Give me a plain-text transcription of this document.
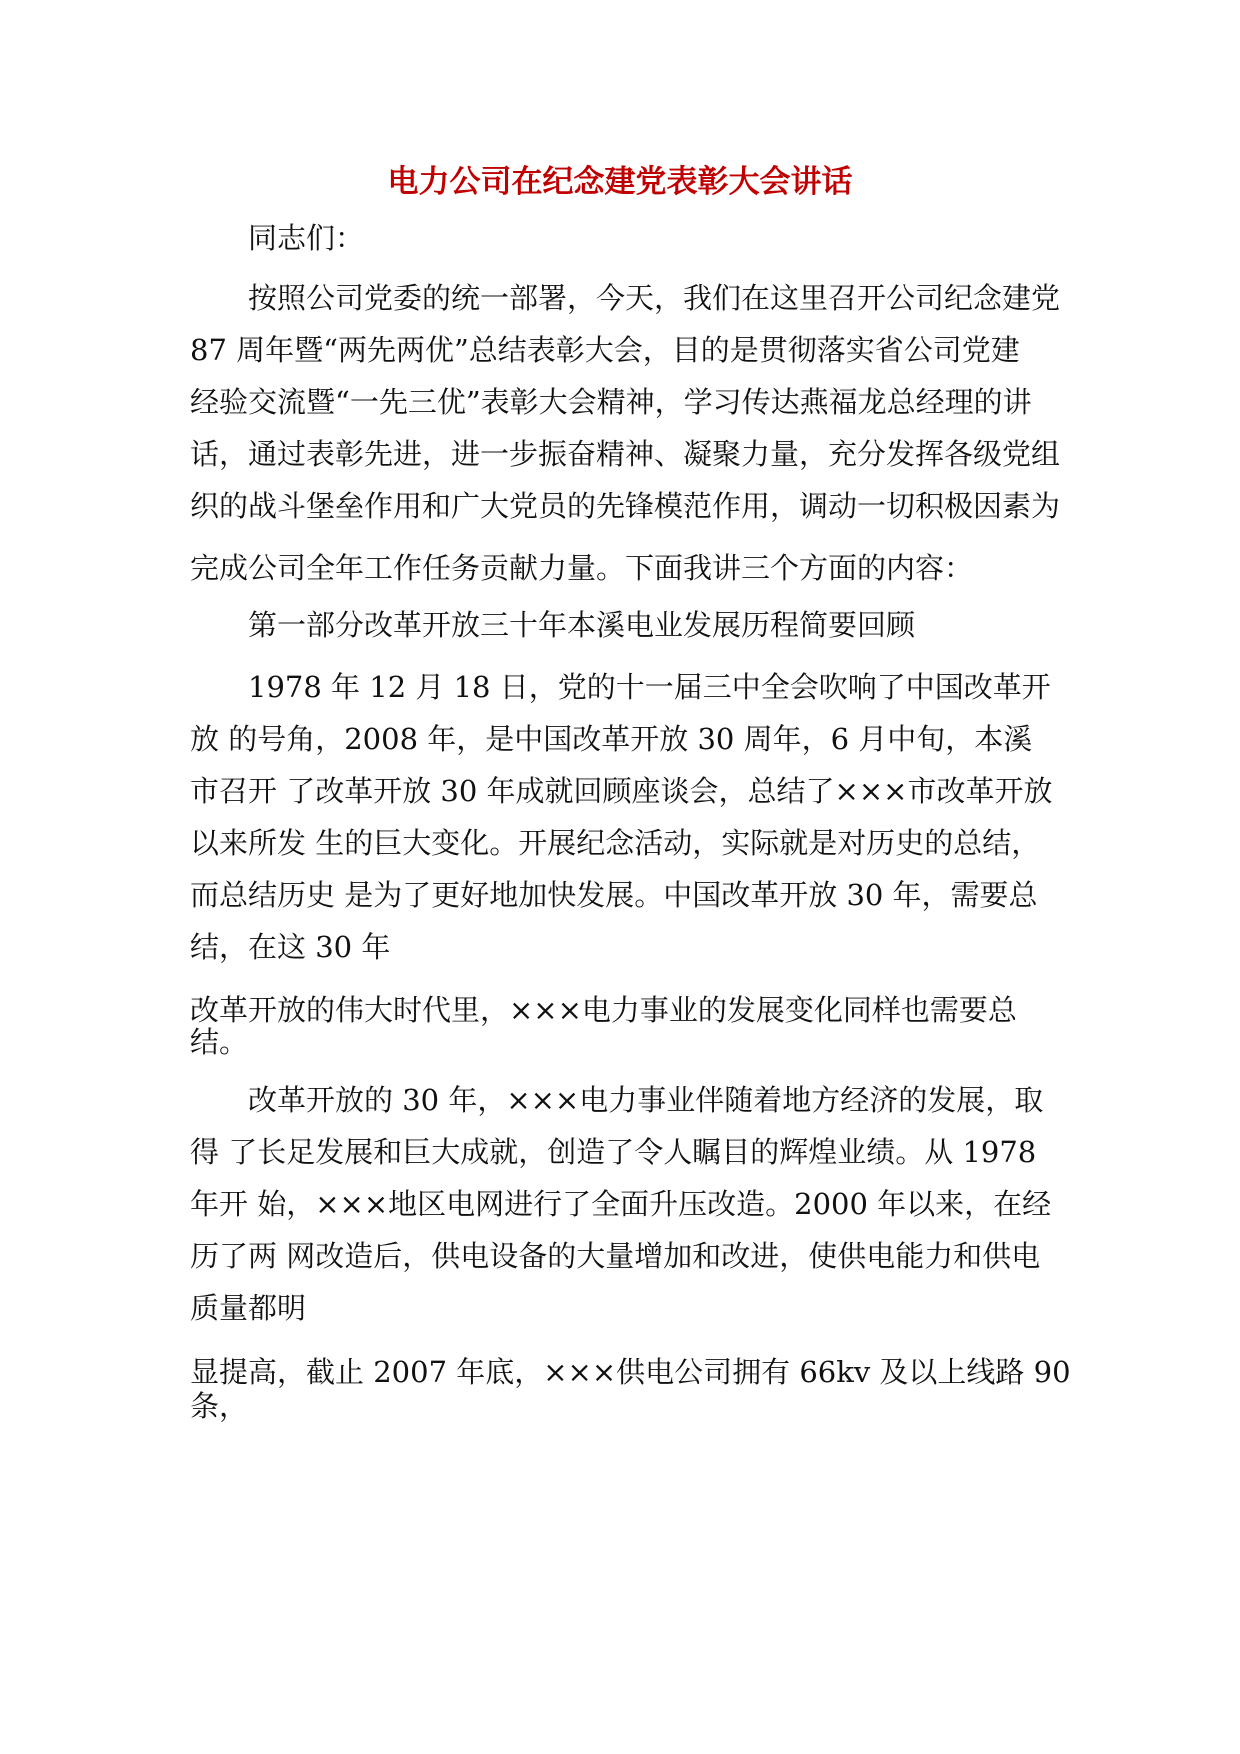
电力公司在纪念建党表彰大会讲话

同志们：

按照公司党委的统一部署，今天，我们在这里召开公司纪念建党

87 周年暨“两先两优”总结表彰大会，目的是贯彻落实省公司党建

经验交流暨“一先三优”表彰大会精神，学习传达燕福龙总经理的讲

话，通过表彰先进，进一步振奋精神、凝聚力量，充分发挥各级党组

织的战斗堡垒作用和广大党员的先锋模范作用，调动一切积极因素为

完成公司全年工作任务贡献力量。下面我讲三个方面的内容：

第一部分改革开放三十年本溪电业发展历程简要回顾

1978 年 12 月 18 日，党的十一届三中全会吹响了中国改革开

放 的号角，2008 年，是中国改革开放 30 周年，6 月中旬，本溪

市召开 了改革开放 30 年成就回顾座谈会，总结了×××市改革开放

以来所发 生的巨大变化。开展纪念活动，实际就是对历史的总结，

而总结历史 是为了更好地加快发展。中国改革开放 30 年，需要总

结，在这 30 年

改革开放的伟大时代里，×××电力事业的发展变化同样也需要总

结。

改革开放的 30 年，×××电力事业伴随着地方经济的发展，取

得 了长足发展和巨大成就，创造了令人瞩目的辉煌业绩。从 1978

年开 始，×××地区电网进行了全面升压改造。2000 年以来，在经

历了两 网改造后，供电设备的大量增加和改进，使供电能力和供电

质量都明

显提高，截止 2007 年底，×××供电公司拥有 66kv 及以上线路 90

条，
